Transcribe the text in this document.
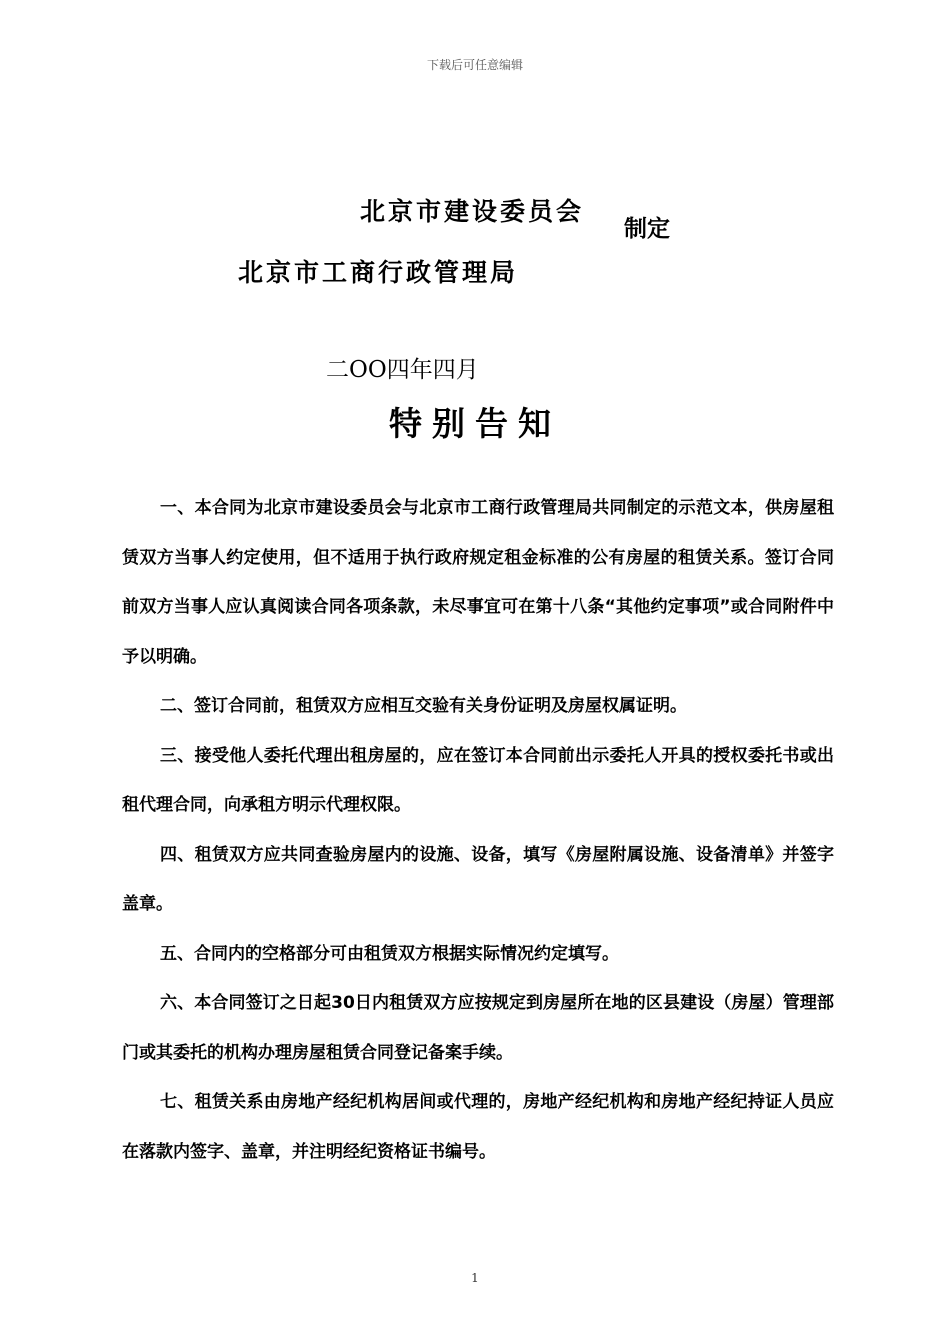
下载后可任意编辑
北京市建设委员会
制定
北京市工商行政管理局
二OO四年四月
特别告知

一、本合同为北京市建设委员会与北京市工商行政管理局共同制定的示范文本，供房屋租赁双方当事人约定使用，但不适用于执行政府规定租金标准的公有房屋的租赁关系。签订合同前双方当事人应认真阅读合同各项条款，未尽事宜可在第十八条“其他约定事项”或合同附件中予以明确。

二、签订合同前，租赁双方应相互交验有关身份证明及房屋权属证明。

三、接受他人委托代理出租房屋的，应在签订本合同前出示委托人开具的授权委托书或出租代理合同，向承租方明示代理权限。

四、租赁双方应共同查验房屋内的设施、设备，填写《房屋附属设施、设备清单》并签字盖章。

五、合同内的空格部分可由租赁双方根据实际情况约定填写。

六、本合同签订之日起30日内租赁双方应按规定到房屋所在地的区县建设（房屋）管理部门或其委托的机构办理房屋租赁合同登记备案手续。

七、租赁关系由房地产经纪机构居间或代理的，房地产经纪机构和房地产经纪持证人员应在落款内签字、盖章，并注明经纪资格证书编号。

1
